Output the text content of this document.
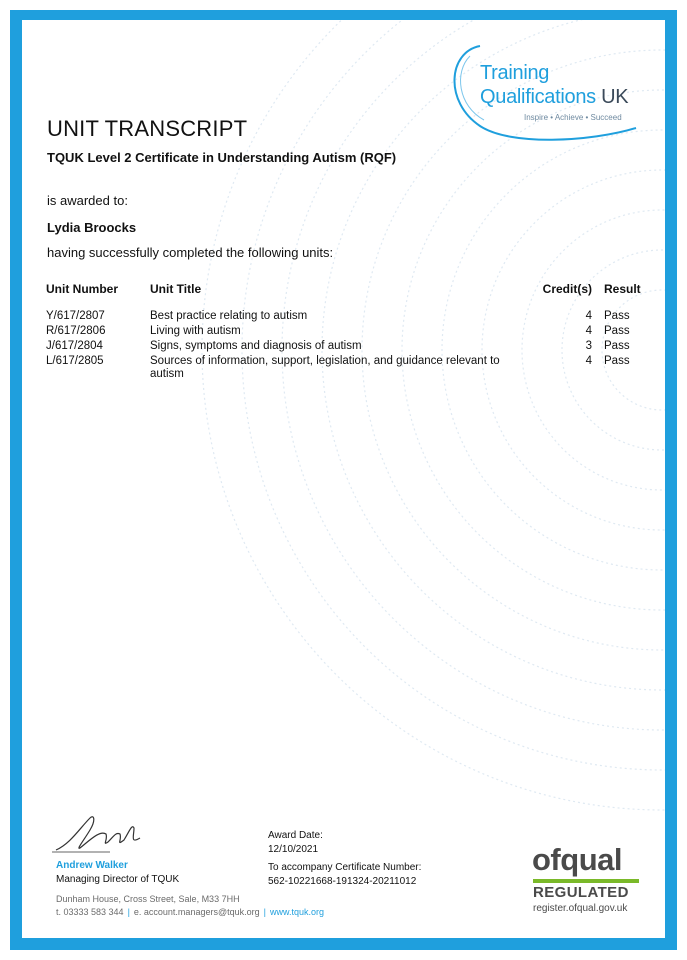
Training
Qualifications UK
Inspire • Achieve • Succeed
UNIT TRANSCRIPT
TQUK Level 2 Certificate in Understanding Autism (RQF)
is awarded to:
Lydia Broocks
having successfully completed the following units:
Unit Number	Unit Title	Credit(s)	Result
Y/617/2807	Best practice relating to autism	4	Pass
R/617/2806	Living with autism	4	Pass
J/617/2804	Signs, symptoms and diagnosis of autism	3	Pass
L/617/2805	Sources of information, support, legislation, and guidance relevant to autism	4	Pass
Andrew Walker
Managing Director of TQUK
Award Date:
12/10/2021
To accompany Certificate Number:
562-10221668-191324-20211012
Dunham House, Cross Street, Sale, M33 7HH
t. 03333 583 344 | e. account.managers@tquk.org | www.tquk.org
ofqual
REGULATED
register.ofqual.gov.uk
